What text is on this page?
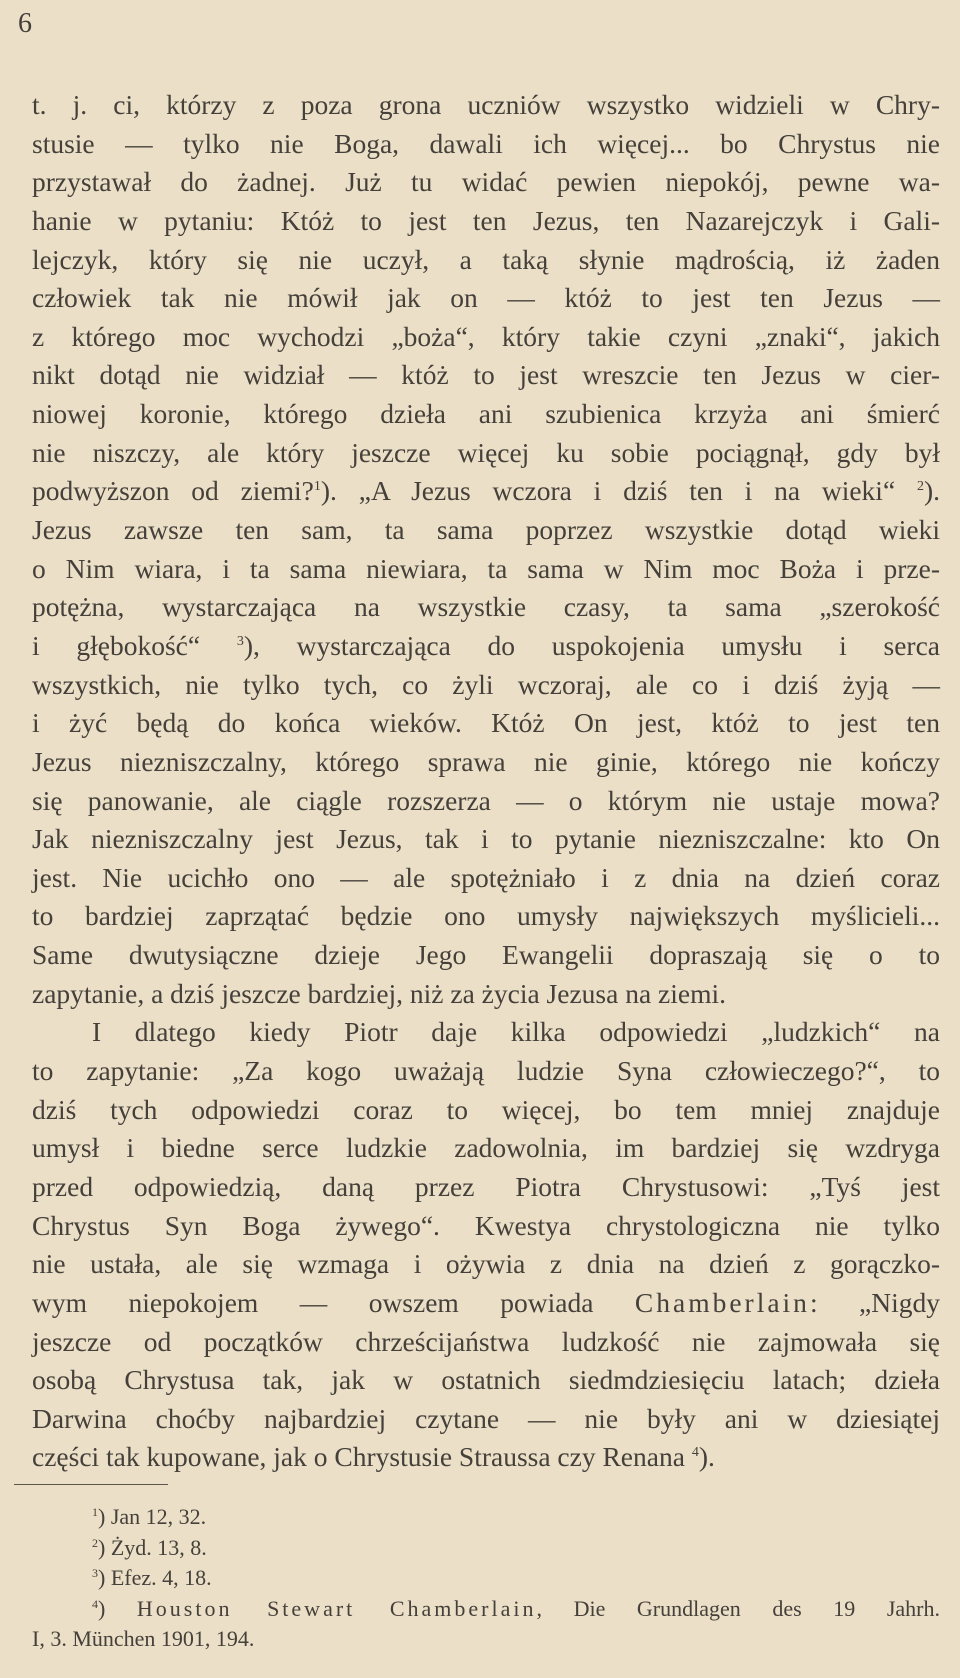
6
t. j. ci, którzy z poza grona uczniów wszystko widzieli w Chry-
stusie — tylko nie Boga, dawali ich więcej... bo Chrystus nie
przystawał do żadnej. Już tu widać pewien niepokój, pewne wa-
hanie w pytaniu: Któż to jest ten Jezus, ten Nazarejczyk i Gali-
lejczyk, który się nie uczył, a taką słynie mądrością, iż żaden
człowiek tak nie mówił jak on — któż to jest ten Jezus —
z którego moc wychodzi „boża“, który takie czyni „znaki“, jakich
nikt dotąd nie widział — któż to jest wreszcie ten Jezus w cier-
niowej koronie, którego dzieła ani szubienica krzyża ani śmierć
nie niszczy, ale który jeszcze więcej ku sobie pociągnął, gdy był
podwyższon od ziemi?$^1$). „A Jezus wczora i dziś ten i na wieki“ $^2$).
Jezus zawsze ten sam, ta sama poprzez wszystkie dotąd wieki
o Nim wiara, i ta sama niewiara, ta sama w Nim moc Boża i prze-
potężna, wystarczająca na wszystkie czasy, ta sama „szerokość
i głębokość“ $^3$), wystarczająca do uspokojenia umysłu i serca
wszystkich, nie tylko tych, co żyli wczoraj, ale co i dziś żyją —
i żyć będą do końca wieków. Któż On jest, któż to jest ten
Jezus niezniszczalny, którego sprawa nie ginie, którego nie kończy
się panowanie, ale ciągle rozszerza — o którym nie ustaje mowa?
Jak niezniszczalny jest Jezus, tak i to pytanie niezniszczalne: kto On
jest. Nie ucichło ono — ale spotężniało i z dnia na dzień coraz
to bardziej zaprzątać będzie ono umysły największych myślicieli...
Same dwutysiączne dzieje Jego Ewangelii dopraszają się o to
zapytanie, a dziś jeszcze bardziej, niż za życia Jezusa na ziemi.
I dlatego kiedy Piotr daje kilka odpowiedzi „ludzkich“ na
to zapytanie: „Za kogo uważają ludzie Syna człowieczego?“, to
dziś tych odpowiedzi coraz to więcej, bo tem mniej znajduje
umysł i biedne serce ludzkie zadowolnia, im bardziej się wzdryga
przed odpowiedzią, daną przez Piotra Chrystusowi: „Tyś jest
Chrystus Syn Boga żywego“. Kwestya chrystologiczna nie tylko
nie ustała, ale się wzmaga i ożywia z dnia na dzień z gorączko-
wym niepokojem — owszem powiada Chamberlain: „Nigdy
jeszcze od początków chrześcijaństwa ludzkość nie zajmowała się
osobą Chrystusa tak, jak w ostatnich siedmdziesięciu latach; dzieła
Darwina choćby najbardziej czytane — nie były ani w dziesiątej
części tak kupowane, jak o Chrystusie Straussa czy Renana $^4$).
$^1$) Jan 12, 32.
$^2$) Żyd. 13, 8.
$^3$) Efez. 4, 18.
$^4$) Houston Stewart Chamberlain, Die Grundlagen des 19 Jahrh.
I, 3. München 1901, 194.
